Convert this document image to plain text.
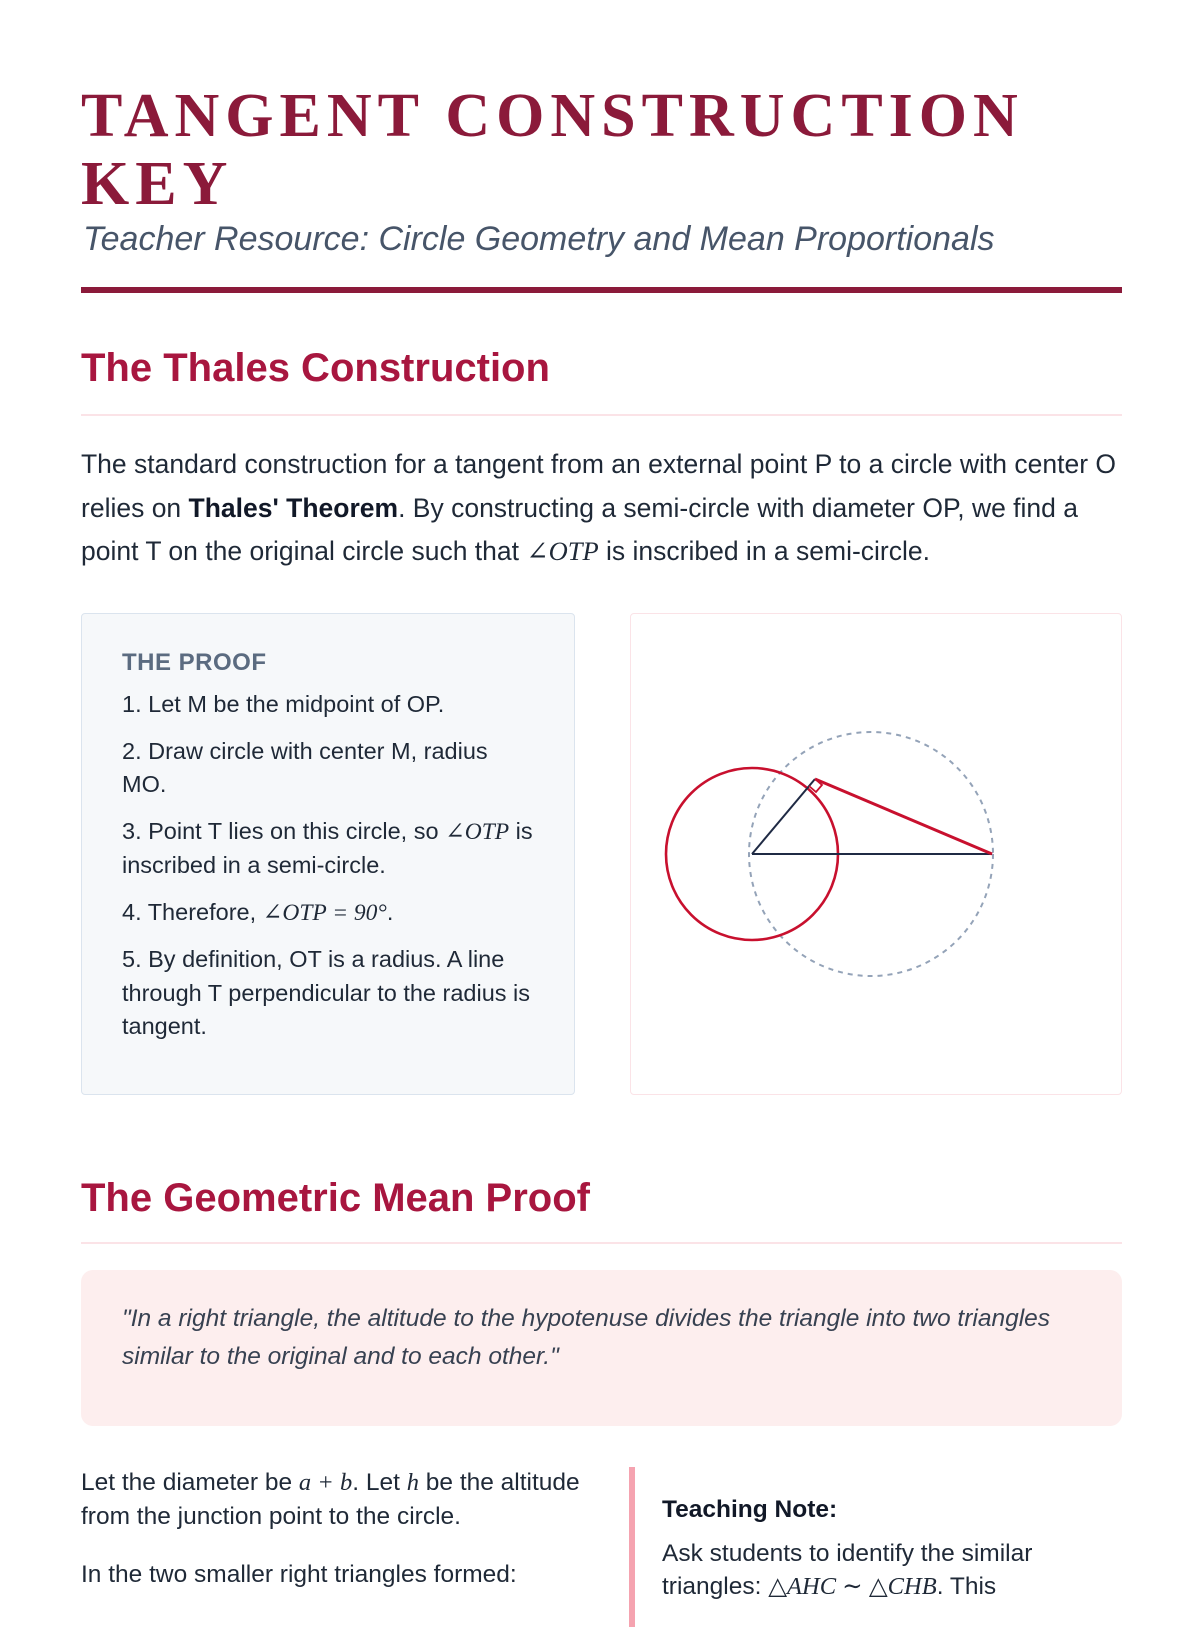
TANGENT CONSTRUCTION KEY

Teacher Resource: Circle Geometry and Mean Proportionals

The Thales Construction

The standard construction for a tangent from an external point P to a circle with center O relies on Thales' Theorem. By constructing a semi-circle with diameter OP, we find a point T on the original circle such that ∠OTP is inscribed in a semi-circle.

THE PROOF
1. Let M be the midpoint of OP.
2. Draw circle with center M, radius MO.
3. Point T lies on this circle, so ∠OTP is inscribed in a semi-circle.
4. Therefore, ∠OTP = 90°.
5. By definition, OT is a radius. A line through T perpendicular to the radius is tangent.
The Geometric Mean Proof

"In a right triangle, the altitude to the hypotenuse divides the triangle into two triangles similar to the original and to each other."

Let the diameter be a + b. Let h be the altitude from the junction point to the circle.

In the two smaller right triangles formed:

Teaching Note:

Ask students to identify the similar triangles: △AHC ∼ △CHB. This
